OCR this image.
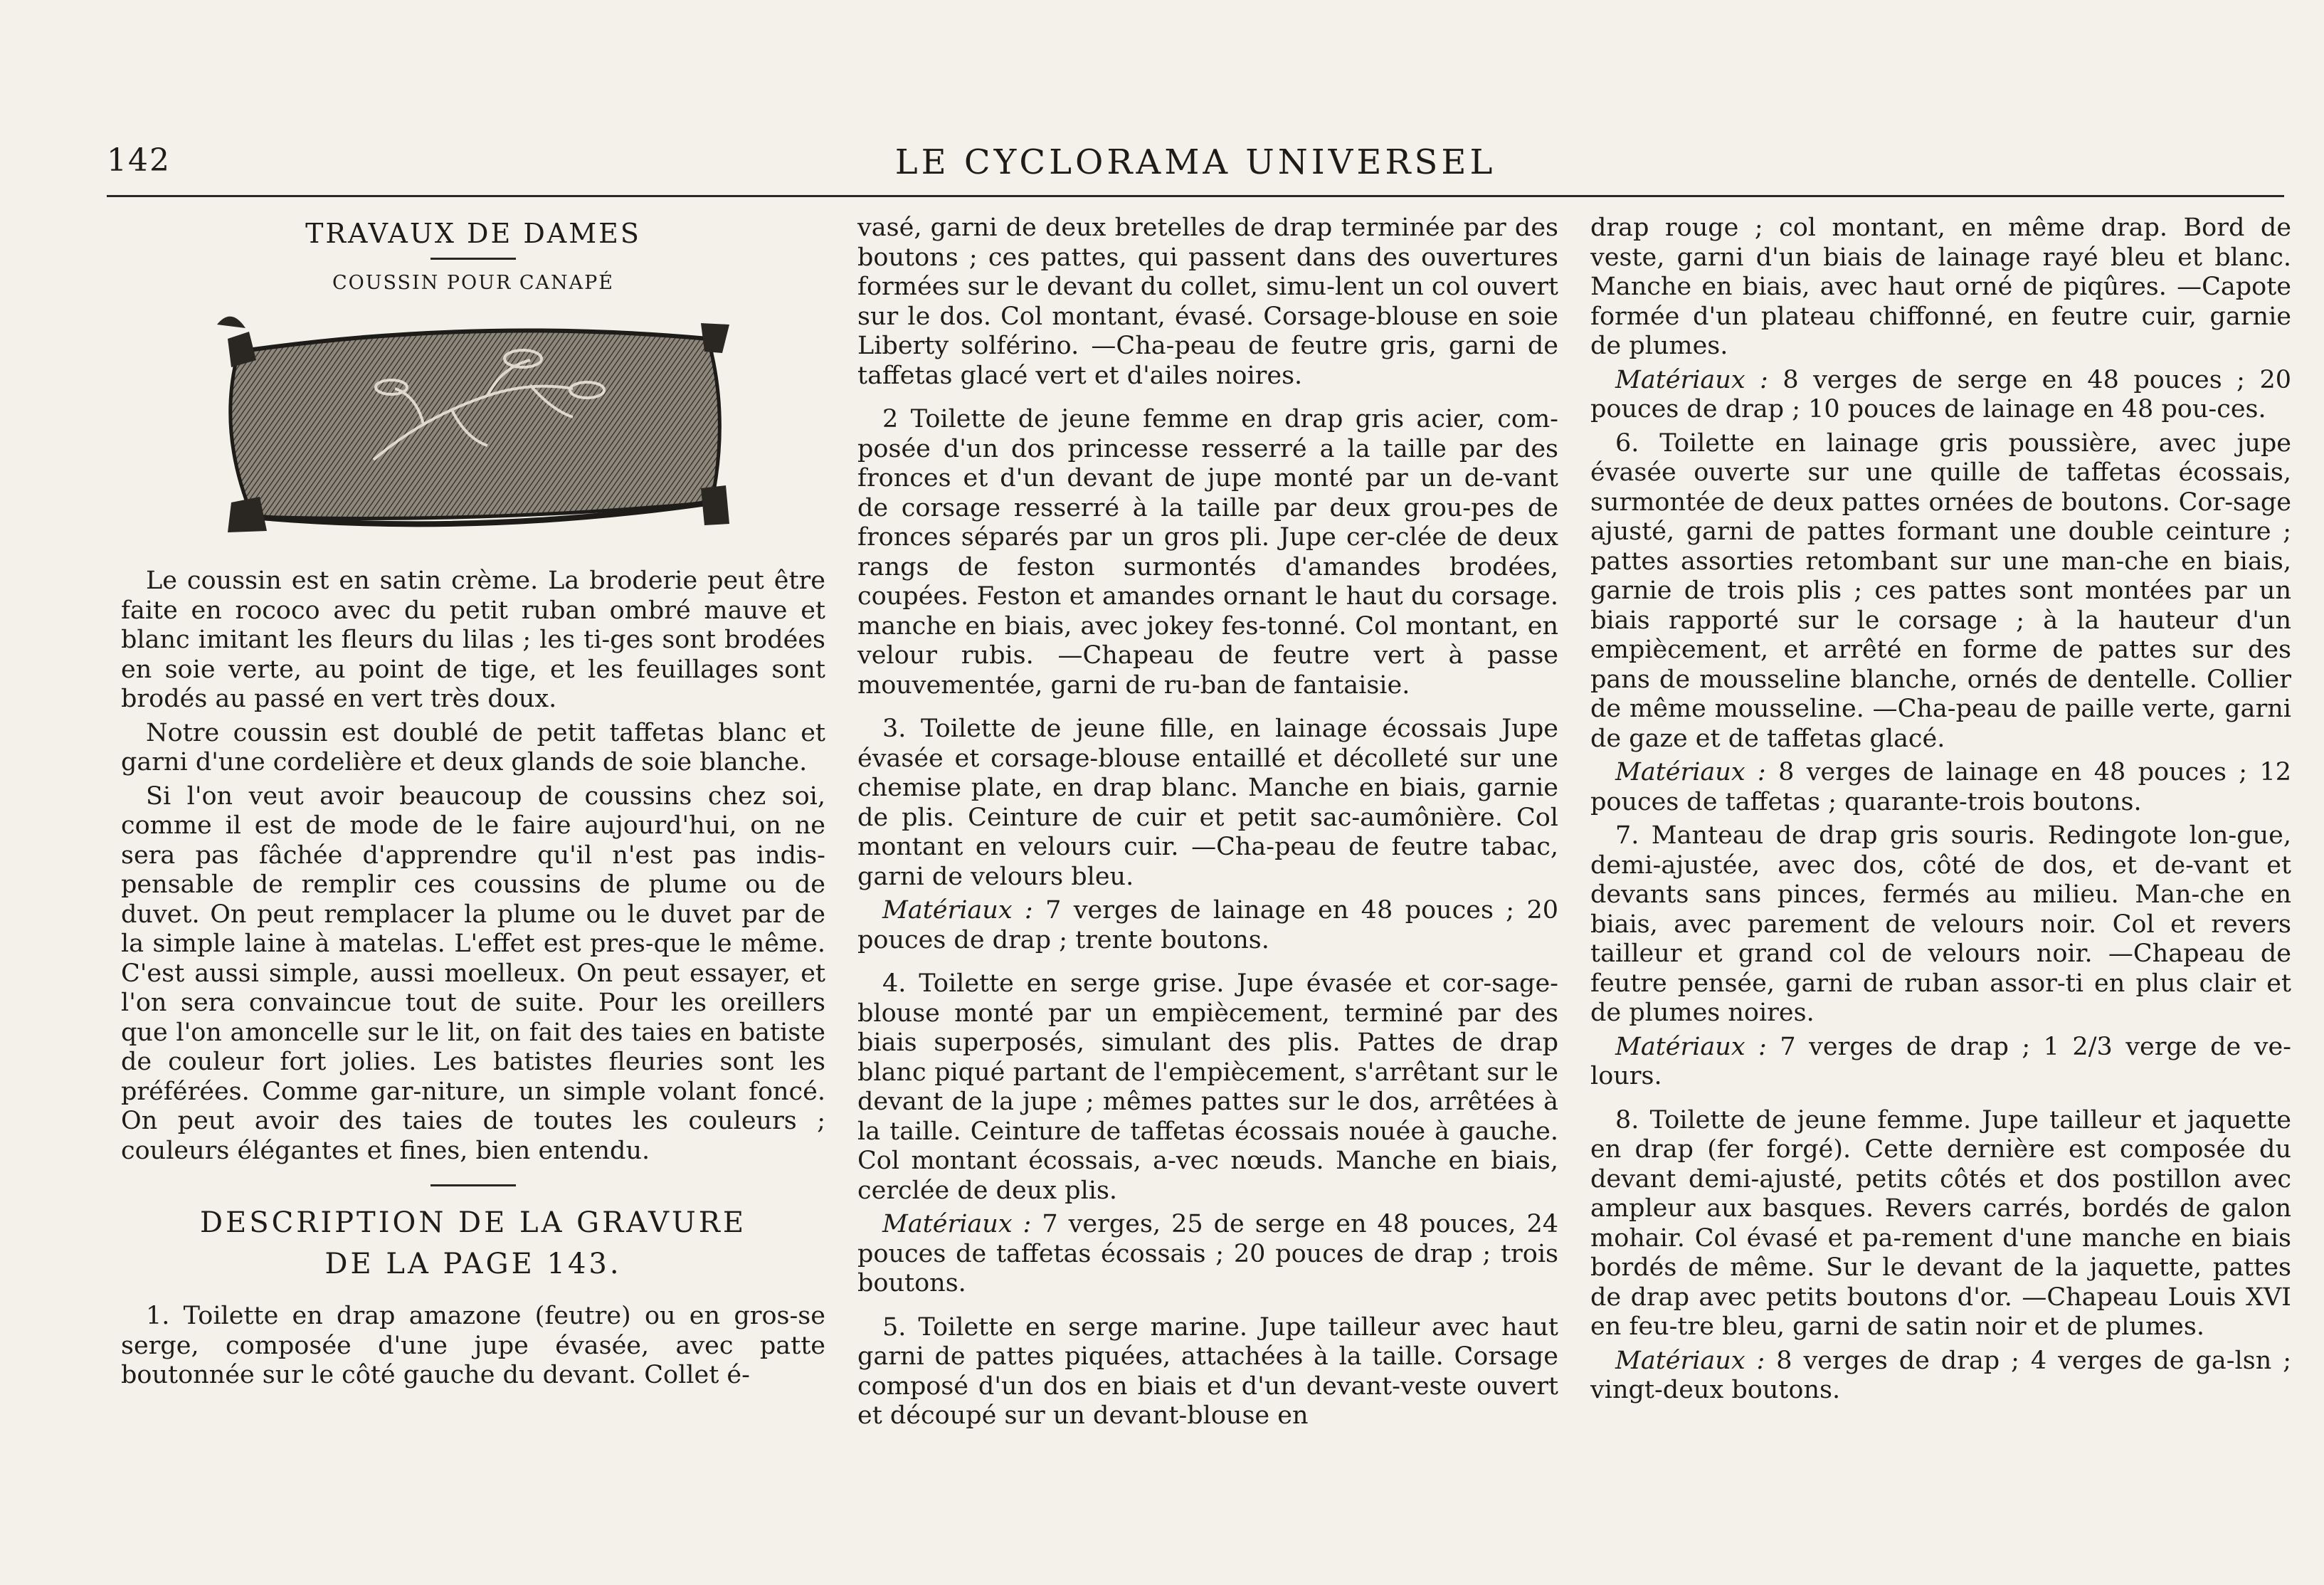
142	LE CYCLORAMA UNIVERSEL
TRAVAUX DE DAMES
COUSSIN POUR CANAPÉ

Le coussin est en satin crème. La broderie peut être faite en rococo avec du petit ruban ombré mauve et blanc imitant les fleurs du lilas ; les ti-ges sont brodées en soie verte, au point de tige, et les feuillages sont brodés au passé en vert très doux.

Notre coussin est doublé de petit taffetas blanc et garni d'une cordelière et deux glands de soie blanche.

Si l'on veut avoir beaucoup de coussins chez soi, comme il est de mode de le faire aujourd'hui, on ne sera pas fâchée d'apprendre qu'il n'est pas indis-pensable de remplir ces coussins de plume ou de duvet. On peut remplacer la plume ou le duvet par de la simple laine à matelas. L'effet est pres-que le même. C'est aussi simple, aussi moelleux. On peut essayer, et l'on sera convaincue tout de suite. Pour les oreillers que l'on amoncelle sur le lit, on fait des taies en batiste de couleur fort jolies. Les batistes fleuries sont les préférées. Comme gar-niture, un simple volant foncé. On peut avoir des taies de toutes les couleurs ; couleurs élégantes et fines, bien entendu.

DESCRIPTION DE LA GRAVURE
DE LA PAGE 143.

1. Toilette en drap amazone (feutre) ou en gros-se serge, composée d'une jupe évasée, avec patte boutonnée sur le côté gauche du devant. Collet é-

vasé, garni de deux bretelles de drap terminée par des boutons ; ces pattes, qui passent dans des ouvertures formées sur le devant du collet, simu-lent un col ouvert sur le dos. Col montant, évasé. Corsage-blouse en soie Liberty solférino. —Cha-peau de feutre gris, garni de taffetas glacé vert et d'ailes noires.

2 Toilette de jeune femme en drap gris acier, com-posée d'un dos princesse resserré a la taille par des fronces et d'un devant de jupe monté par un de-vant de corsage resserré à la taille par deux grou-pes de fronces séparés par un gros pli. Jupe cer-clée de deux rangs de feston surmontés d'amandes brodées, coupées. Feston et amandes ornant le haut du corsage. manche en biais, avec jokey fes-tonné. Col montant, en velour rubis. —Chapeau de feutre vert à passe mouvementée, garni de ru-ban de fantaisie.

3. Toilette de jeune fille, en lainage écossais Jupe évasée et corsage-blouse entaillé et décolleté sur une chemise plate, en drap blanc. Manche en biais, garnie de plis. Ceinture de cuir et petit sac-aumônière. Col montant en velours cuir. —Cha-peau de feutre tabac, garni de velours bleu.

Matériaux : 7 verges de lainage en 48 pouces ; 20 pouces de drap ; trente boutons.

4. Toilette en serge grise. Jupe évasée et cor-sage-blouse monté par un empiècement, terminé par des biais superposés, simulant des plis. Pattes de drap blanc piqué partant de l'empiècement, s'arrêtant sur le devant de la jupe ; mêmes pattes sur le dos, arrêtées à la taille. Ceinture de taffetas écossais nouée à gauche. Col montant écossais, a-vec nœuds. Manche en biais, cerclée de deux plis.

Matériaux : 7 verges, 25 de serge en 48 pouces, 24 pouces de taffetas écossais ; 20 pouces de drap ; trois boutons.

5. Toilette en serge marine. Jupe tailleur avec haut garni de pattes piquées, attachées à la taille. Corsage composé d'un dos en biais et d'un devant-veste ouvert et découpé sur un devant-blouse en

drap rouge ; col montant, en même drap. Bord de veste, garni d'un biais de lainage rayé bleu et blanc. Manche en biais, avec haut orné de piqûres. —Capote formée d'un plateau chiffonné, en feutre cuir, garnie de plumes.

Matériaux : 8 verges de serge en 48 pouces ; 20 pouces de drap ; 10 pouces de lainage en 48 pou-ces.

6. Toilette en lainage gris poussière, avec jupe évasée ouverte sur une quille de taffetas écossais, surmontée de deux pattes ornées de boutons. Cor-sage ajusté, garni de pattes formant une double ceinture ; pattes assorties retombant sur une man-che en biais, garnie de trois plis ; ces pattes sont montées par un biais rapporté sur le corsage ; à la hauteur d'un empiècement, et arrêté en forme de pattes sur des pans de mousseline blanche, ornés de dentelle. Collier de même mousseline. —Cha-peau de paille verte, garni de gaze et de taffetas glacé.

Matériaux : 8 verges de lainage en 48 pouces ; 12 pouces de taffetas ; quarante-trois boutons.

7. Manteau de drap gris souris. Redingote lon-gue, demi-ajustée, avec dos, côté de dos, et de-vant et devants sans pinces, fermés au milieu. Man-che en biais, avec parement de velours noir. Col et revers tailleur et grand col de velours noir. —Chapeau de feutre pensée, garni de ruban assor-ti en plus clair et de plumes noires.

Matériaux : 7 verges de drap ; 1 2/3 verge de ve-lours.

8. Toilette de jeune femme. Jupe tailleur et jaquette en drap (fer forgé). Cette dernière est composée du devant demi-ajusté, petits côtés et dos postillon avec ampleur aux basques. Revers carrés, bordés de galon mohair. Col évasé et pa-rement d'une manche en biais bordés de même. Sur le devant de la jaquette, pattes de drap avec petits boutons d'or. —Chapeau Louis XVI en feu-tre bleu, garni de satin noir et de plumes.

Matériaux : 8 verges de drap ; 4 verges de ga-lsn ; vingt-deux boutons.
